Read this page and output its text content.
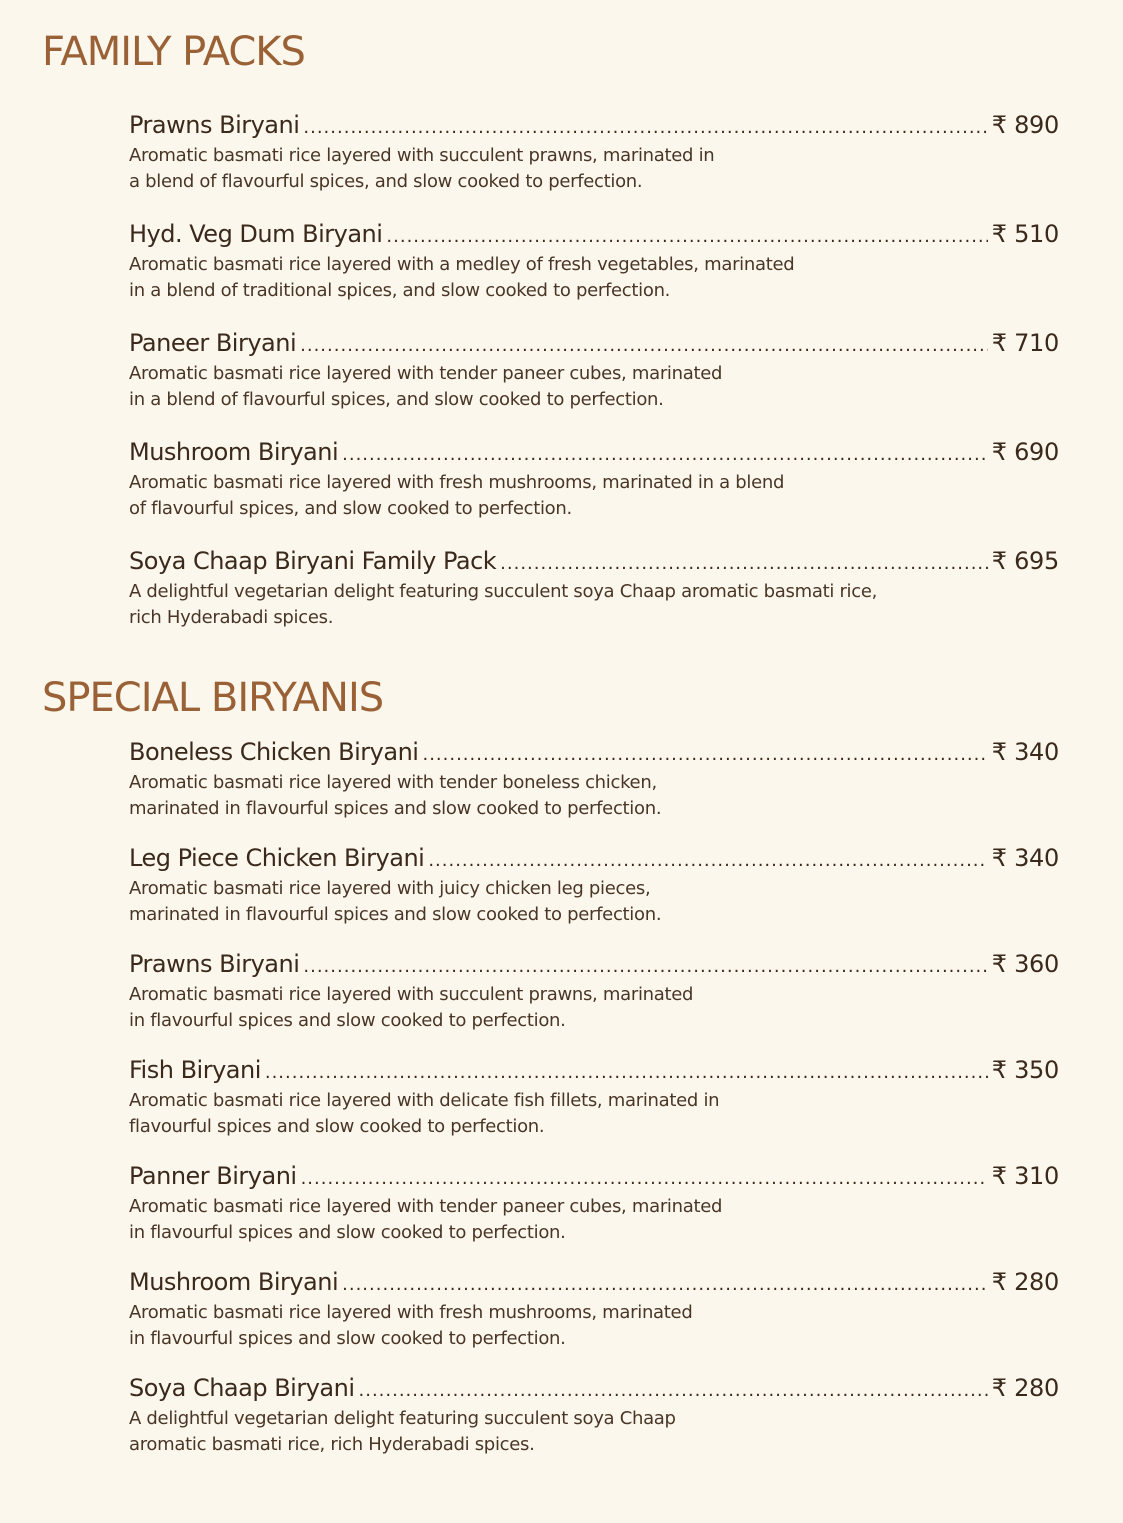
FAMILY PACKS
Prawns Biryani .....	₹ 890

Aromatic basmati rice layered with succulent prawns, marinated in
a blend of flavourful spices, and slow cooked to perfection.

Hyd. Veg Dum Biryani .....	₹ 510

Aromatic basmati rice layered with a medley of fresh vegetables, marinated
in a blend of traditional spices, and slow cooked to perfection.

Paneer Biryani .....	₹ 710

Aromatic basmati rice layered with tender paneer cubes, marinated
in a blend of flavourful spices, and slow cooked to perfection.

Mushroom Biryani .....	₹ 690

Aromatic basmati rice layered with fresh mushrooms, marinated in a blend
of flavourful spices, and slow cooked to perfection.

Soya Chaap Biryani Family Pack .....	₹ 695

A delightful vegetarian delight featuring succulent soya Chaap aromatic basmati rice,
rich Hyderabadi spices.

SPECIAL BIRYANIS
Boneless Chicken Biryani .....	₹ 340

Aromatic basmati rice layered with tender boneless chicken,
marinated in flavourful spices and slow cooked to perfection.

Leg Piece Chicken Biryani .....	₹ 340

Aromatic basmati rice layered with juicy chicken leg pieces,
marinated in flavourful spices and slow cooked to perfection.

Prawns Biryani .....	₹ 360

Aromatic basmati rice layered with succulent prawns, marinated
in flavourful spices and slow cooked to perfection.

Fish Biryani .....	₹ 350

Aromatic basmati rice layered with delicate fish fillets, marinated in
flavourful spices and slow cooked to perfection.

Panner Biryani .....	₹ 310

Aromatic basmati rice layered with tender paneer cubes, marinated
in flavourful spices and slow cooked to perfection.

Mushroom Biryani .....	₹ 280

Aromatic basmati rice layered with fresh mushrooms, marinated
in flavourful spices and slow cooked to perfection.

Soya Chaap Biryani .....	₹ 280

A delightful vegetarian delight featuring succulent soya Chaap
aromatic basmati rice, rich Hyderabadi spices.
